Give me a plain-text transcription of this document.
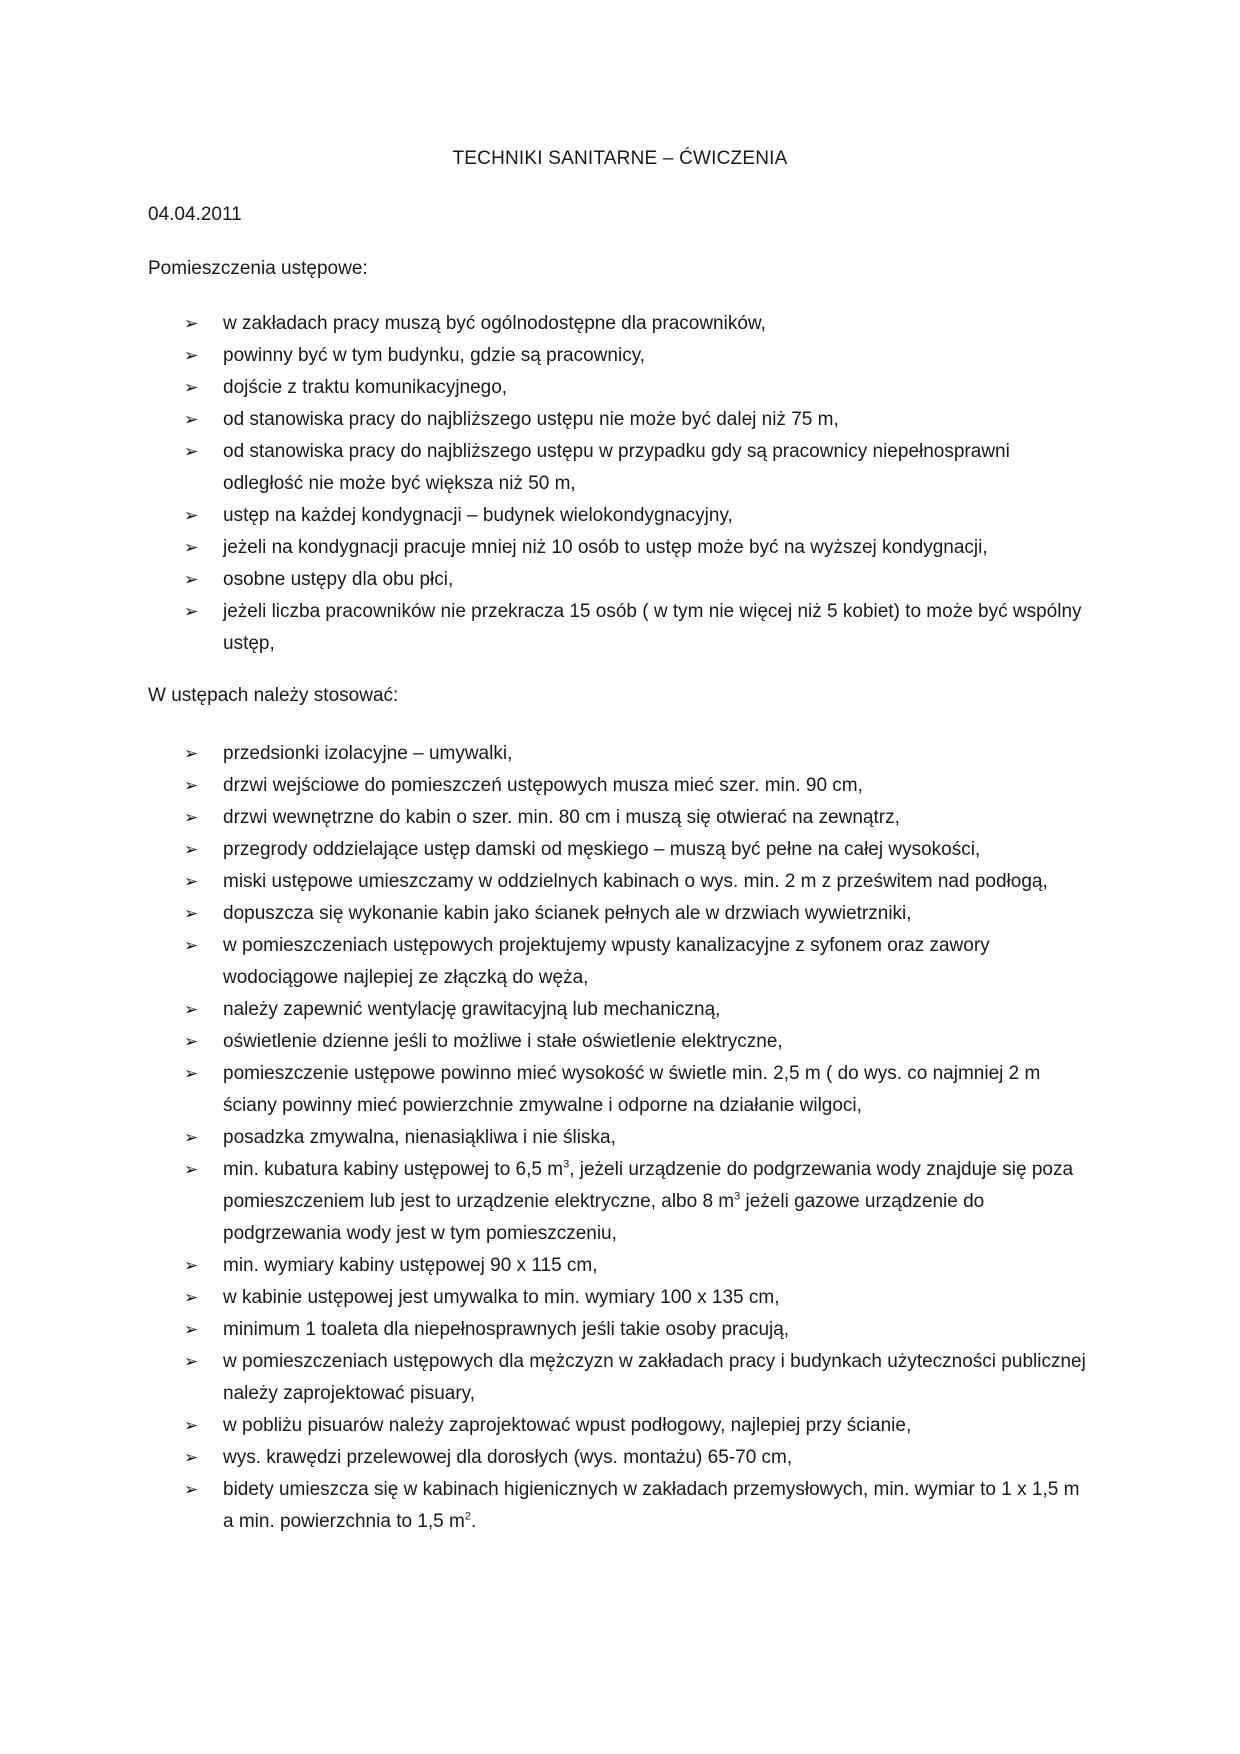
TECHNIKI SANITARNE – ĆWICZENIA
04.04.2011
Pomieszczenia ustępowe:
➢ w zakładach pracy muszą być ogólnodostępne dla pracowników,
➢ powinny być w tym budynku, gdzie są pracownicy,
➢ dojście z traktu komunikacyjnego,
➢ od stanowiska pracy do najbliższego ustępu nie może być dalej niż 75 m,
➢ od stanowiska pracy do najbliższego ustępu w przypadku gdy są pracownicy niepełnosprawni odległość nie może być większa niż 50 m,
➢ ustęp na każdej kondygnacji – budynek wielokondygnacyjny,
➢ jeżeli na kondygnacji pracuje mniej niż 10 osób to ustęp może być na wyższej kondygnacji,
➢ osobne ustępy dla obu płci,
➢ jeżeli liczba pracowników nie przekracza 15 osób ( w tym nie więcej niż 5 kobiet) to może być wspólny ustęp,
W ustępach należy stosować:
➢ przedsionki izolacyjne – umywalki,
➢ drzwi wejściowe do pomieszczeń ustępowych musza mieć szer. min. 90 cm,
➢ drzwi wewnętrzne do kabin o szer. min. 80 cm i muszą się otwierać na zewnątrz,
➢ przegrody oddzielające ustęp damski od męskiego – muszą być pełne na całej wysokości,
➢ miski ustępowe umieszczamy w oddzielnych kabinach o wys. min. 2 m z prześwitem nad podłogą,
➢ dopuszcza się wykonanie kabin jako ścianek pełnych ale w drzwiach wywietrzniki,
➢ w pomieszczeniach ustępowych projektujemy wpusty kanalizacyjne z syfonem oraz zawory wodociągowe najlepiej ze złączką do węża,
➢ należy zapewnić wentylację grawitacyjną lub mechaniczną,
➢ oświetlenie dzienne jeśli to możliwe i stałe oświetlenie elektryczne,
➢ pomieszczenie ustępowe powinno mieć wysokość w świetle min. 2,5 m ( do wys. co najmniej 2 m ściany powinny mieć powierzchnie zmywalne i odporne na działanie wilgoci,
➢ posadzka zmywalna, nienasiąkliwa i nie śliska,
➢ min. kubatura kabiny ustępowej to 6,5 $m^3$, jeżeli urządzenie do podgrzewania wody znajduje się poza pomieszczeniem lub jest to urządzenie elektryczne, albo 8 $m^3$ jeżeli gazowe urządzenie do podgrzewania wody jest w tym pomieszczeniu,
➢ min. wymiary kabiny ustępowej 90 x 115 cm,
➢ w kabinie ustępowej jest umywalka to min. wymiary 100 x 135 cm,
➢ minimum 1 toaleta dla niepełnosprawnych jeśli takie osoby pracują,
➢ w pomieszczeniach ustępowych dla mężczyzn w zakładach pracy i budynkach użyteczności publicznej należy zaprojektować pisuary,
➢ w pobliżu pisuarów należy zaprojektować wpust podłogowy, najlepiej przy ścianie,
➢ wys. krawędzi przelewowej dla dorosłych (wys. montażu) 65-70 cm,
➢ bidety umieszcza się w kabinach higienicznych w zakładach przemysłowych, min. wymiar to 1 x 1,5 m a min. powierzchnia to 1,5 $m^2$.
